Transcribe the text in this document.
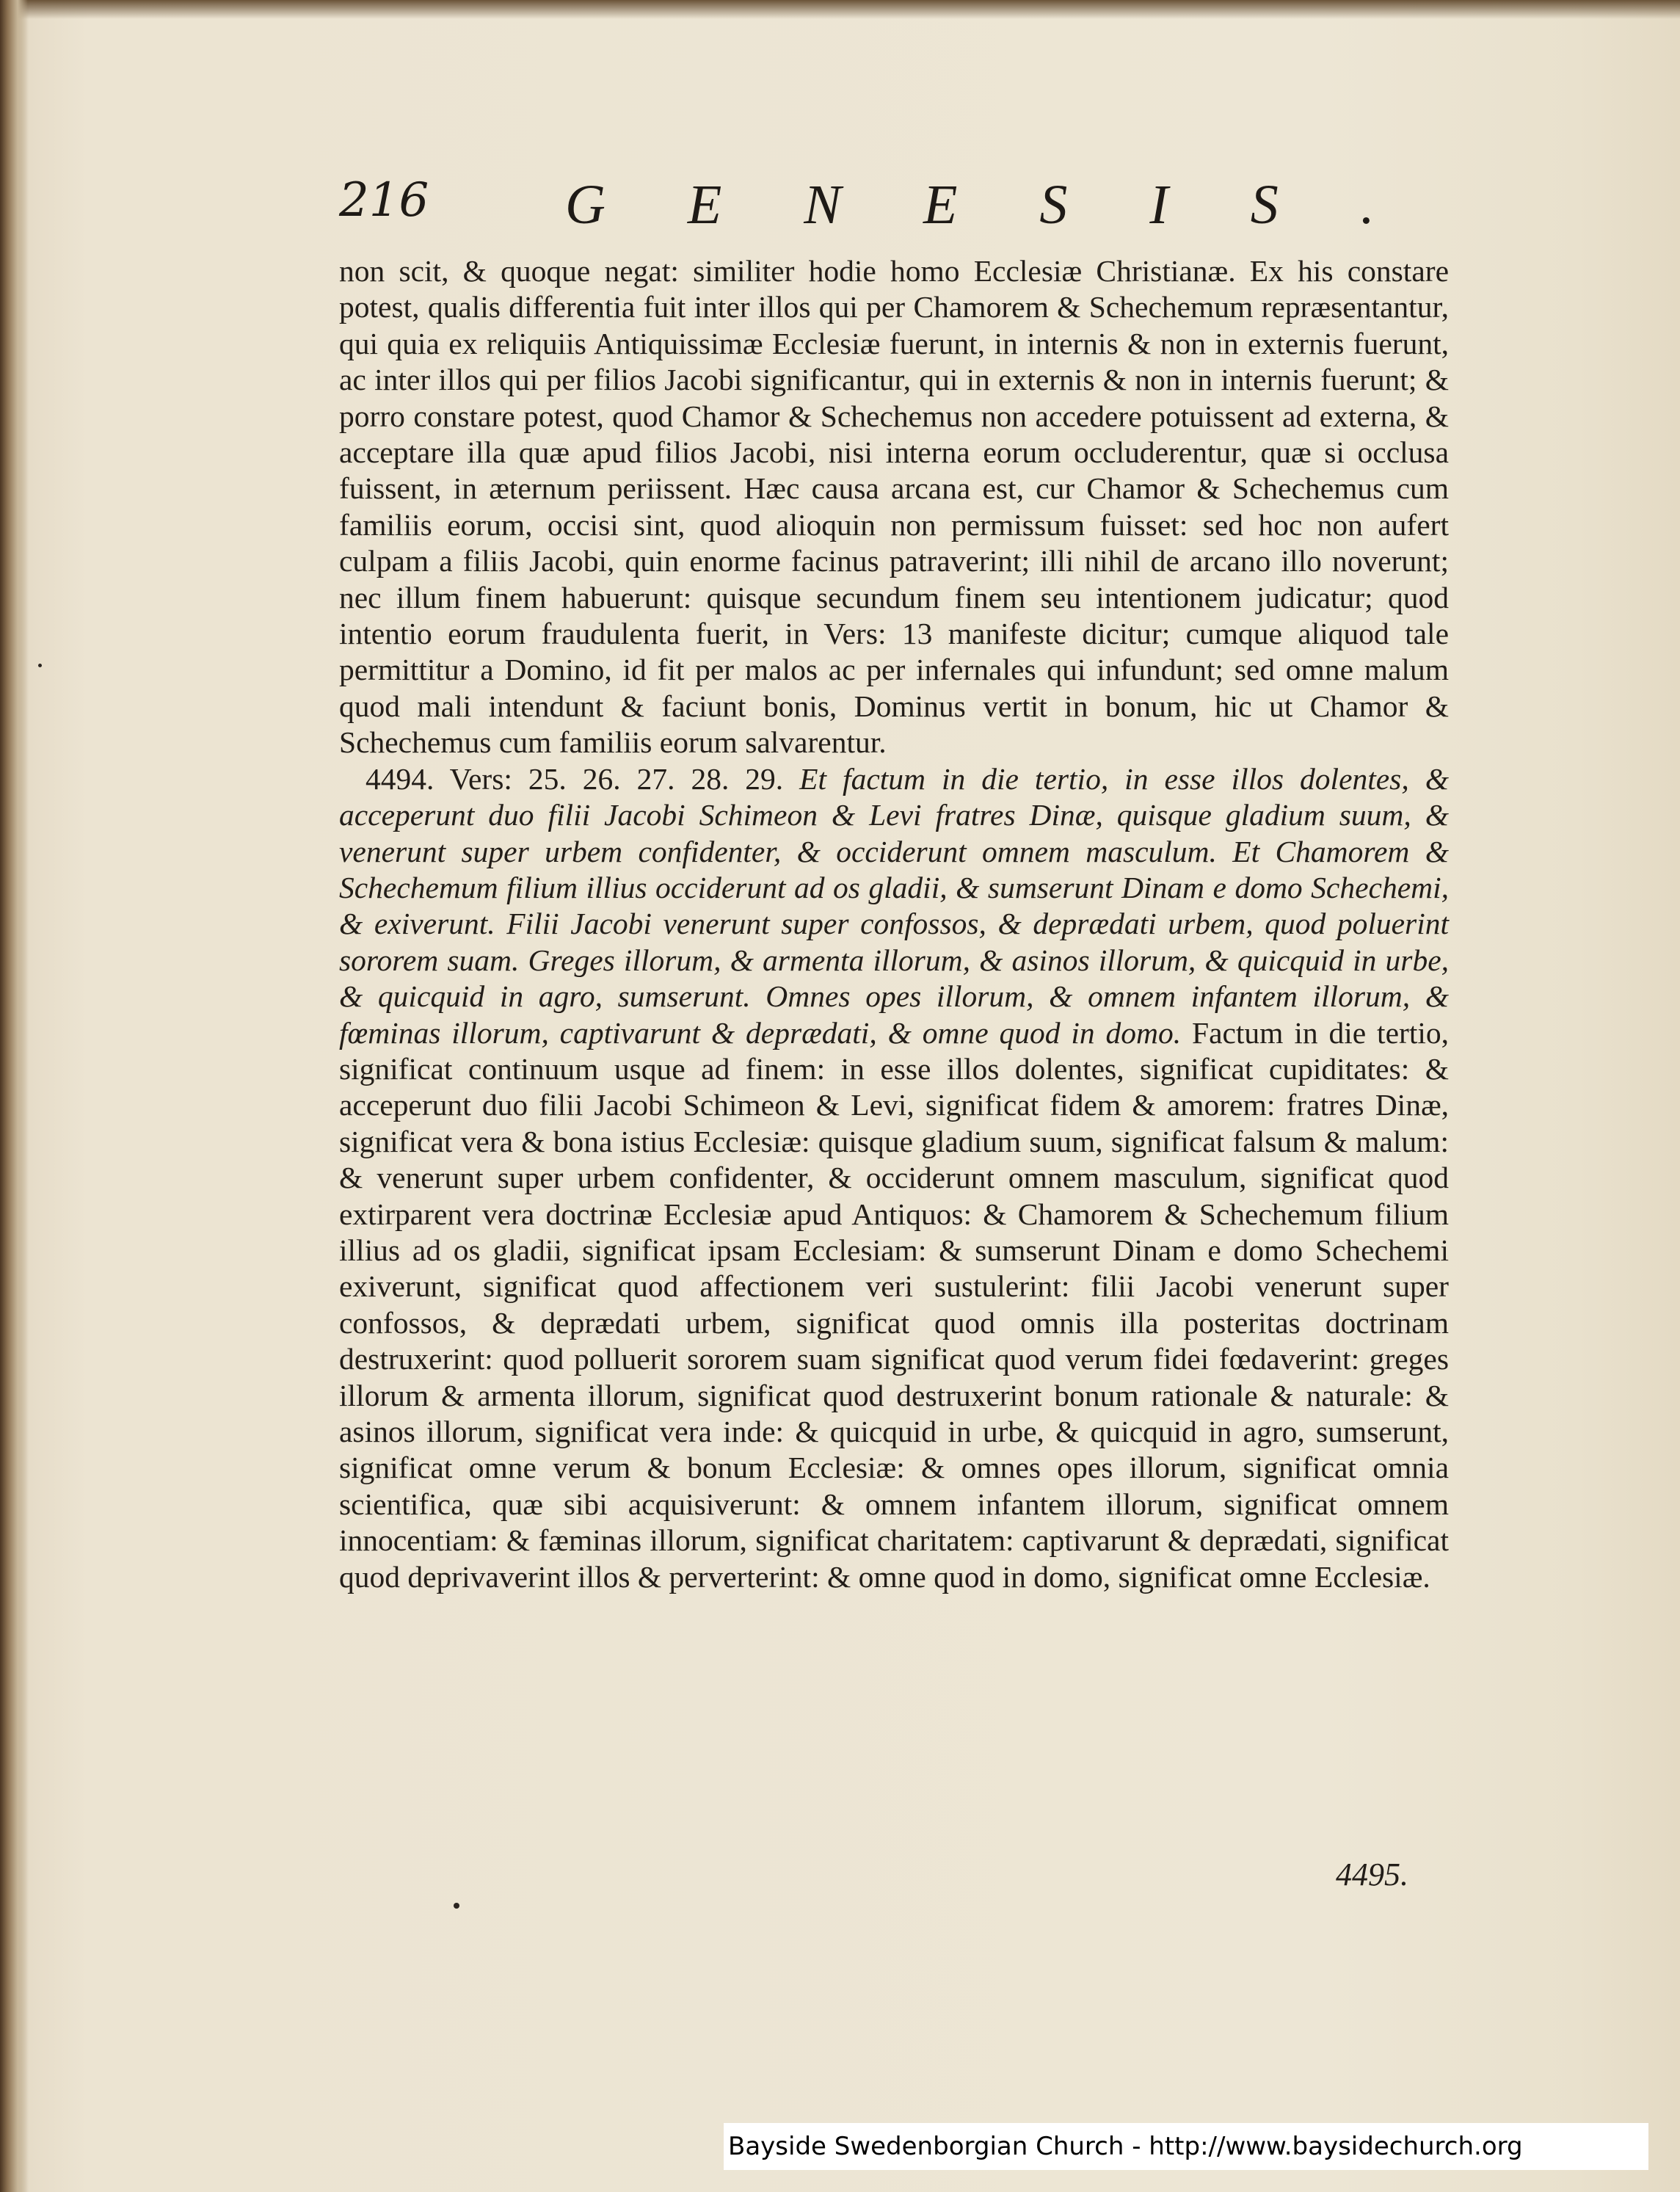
216 GENESIS.

non scit, & quoque negat: similiter hodie homo Ecclesiæ Christianæ. Ex his constare potest, qualis differentia fuit inter illos qui per Chamorem & Schechemum repræsentantur, qui quia ex reliquiis Antiquissimæ Ecclesiæ fuerunt, in internis & non in externis fuerunt, ac inter illos qui per filios Jacobi significantur, qui in externis & non in internis fuerunt; & porro constare potest, quod Chamor & Schechemus non accedere potuissent ad externa, & acceptare illa quæ apud filios Jacobi, nisi interna eorum occluderentur, quæ si occlusa fuissent, in æternum periissent. Hæc causa arcana est, cur Chamor & Schechemus cum familiis eorum, occisi sint, quod alioquin non permissum fuisset: sed hoc non aufert culpam a filiis Jacobi, quin enorme facinus patraverint; illi nihil de arcano illo noverunt; nec illum finem habuerunt: quisque secundum finem seu intentionem judicatur; quod intentio eorum fraudulenta fuerit, in Vers: 13 manifeste dicitur; cumque aliquod tale permittitur a Domino, id fit per malos ac per infernales qui infundunt; sed omne malum quod mali intendunt & faciunt bonis, Dominus vertit in bonum, hic ut Chamor & Schechemus cum familiis eorum salvarentur.

4494. Vers: 25. 26. 27. 28. 29. Et factum in die tertio, in esse illos dolentes, & acceperunt duo filii Jacobi Schimeon & Levi fratres Dinæ, quisque gladium suum, & venerunt super urbem confidenter, & occiderunt omnem masculum. Et Chamorem & Schechemum filium illius occiderunt ad os gladii, & sumserunt Dinam e domo Schechemi, & exiverunt. Filii Jacobi venerunt super confossos, & deprædati urbem, quod poluerint sororem suam. Greges illorum, & armenta illorum, & asinos illorum, & quicquid in urbe, & quicquid in agro, sumserunt. Omnes opes illorum, & omnem infantem illorum, & fœminas illorum, captivarunt & deprædati, & omne quod in domo. Factum in die tertio, significat continuum usque ad finem: in esse illos dolentes, significat cupiditates: & acceperunt duo filii Jacobi Schimeon & Levi, significat fidem & amorem: fratres Dinæ, significat vera & bona istius Ecclesiæ: quisque gladium suum, significat falsum & malum: & venerunt super urbem confidenter, & occiderunt omnem masculum, significat quod extirparent vera doctrinæ Ecclesiæ apud Antiquos: & Chamorem & Schechemum filium illius ad os gladii, significat ipsam Ecclesiam: & sumserunt Dinam e domo Schechemi exiverunt, significat quod affectionem veri sustulerint: filii Jacobi venerunt super confossos, & deprædati urbem, significat quod omnis illa posteritas doctrinam destruxerint: quod polluerit sororem suam significat quod verum fidei fœdaverint: greges illorum & armenta illorum, significat quod destruxerint bonum rationale & naturale: & asinos illorum, significat vera inde: & quicquid in urbe, & quicquid in agro, sumserunt, significat omne verum & bonum Ecclesiæ: & omnes opes illorum, significat omnia scientifica, quæ sibi acquisiverunt: & omnem infantem illorum, significat omnem innocentiam: & fæminas illorum, significat charitatem: captivarunt & deprædati, significat quod deprivaverint illos & perverterint: & omne quod in domo, significat omne Ecclesiæ.

4495.
Bayside Swedenborgian Church - http://www.baysidechurch.org
